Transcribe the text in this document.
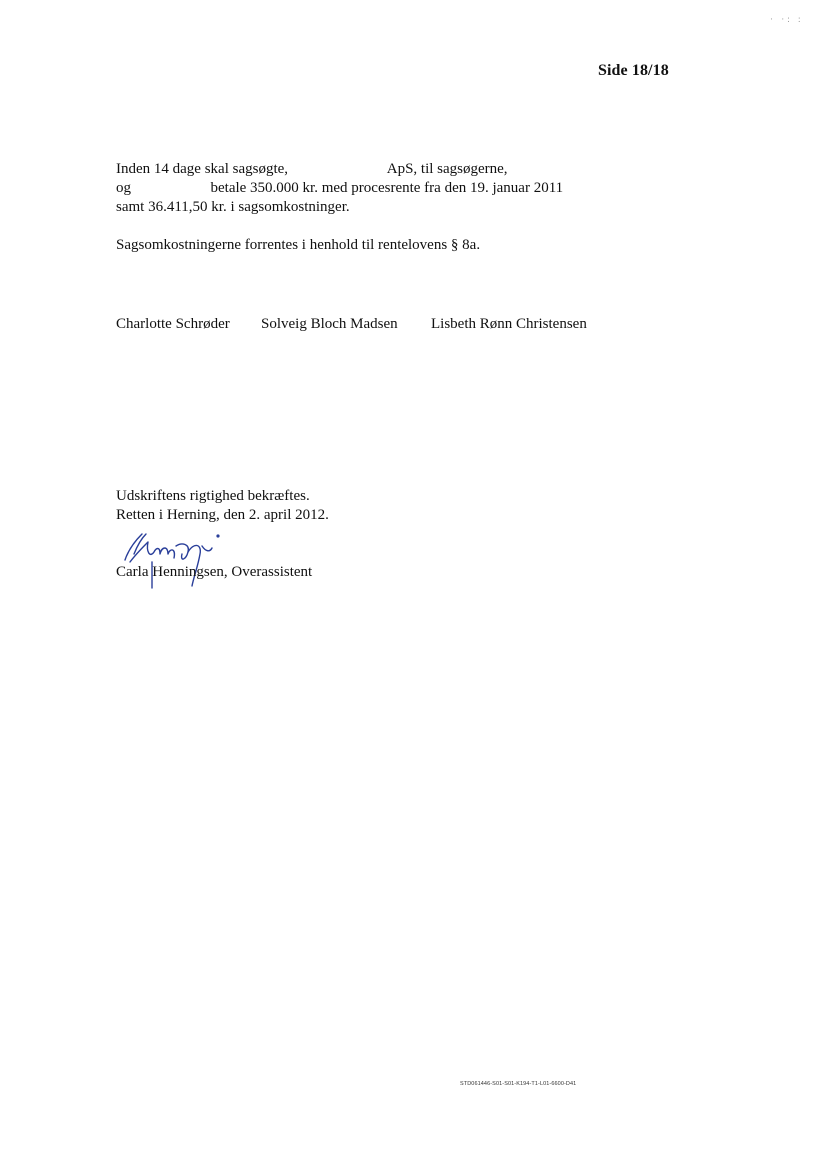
· ·: :
Side 18/18
Inden 14 dage skal sagsøgte,	ApS, til sagsøgerne,
og	betale 350.000 kr. med procesrente fra den 19. januar 2011
samt 36.411,50 kr. i sagsomkostninger.
Sagsomkostningerne forrentes i henhold til rentelovens § 8a.
Charlotte Schrøder Solveig Bloch Madsen Lisbeth Rønn Christensen
Udskriftens rigtighed bekræftes.
Retten i Herning, den 2. april 2012.
Carla Henningsen, Overassistent
STD061446-S01-S01-K194-T1-L01-6600-D41
